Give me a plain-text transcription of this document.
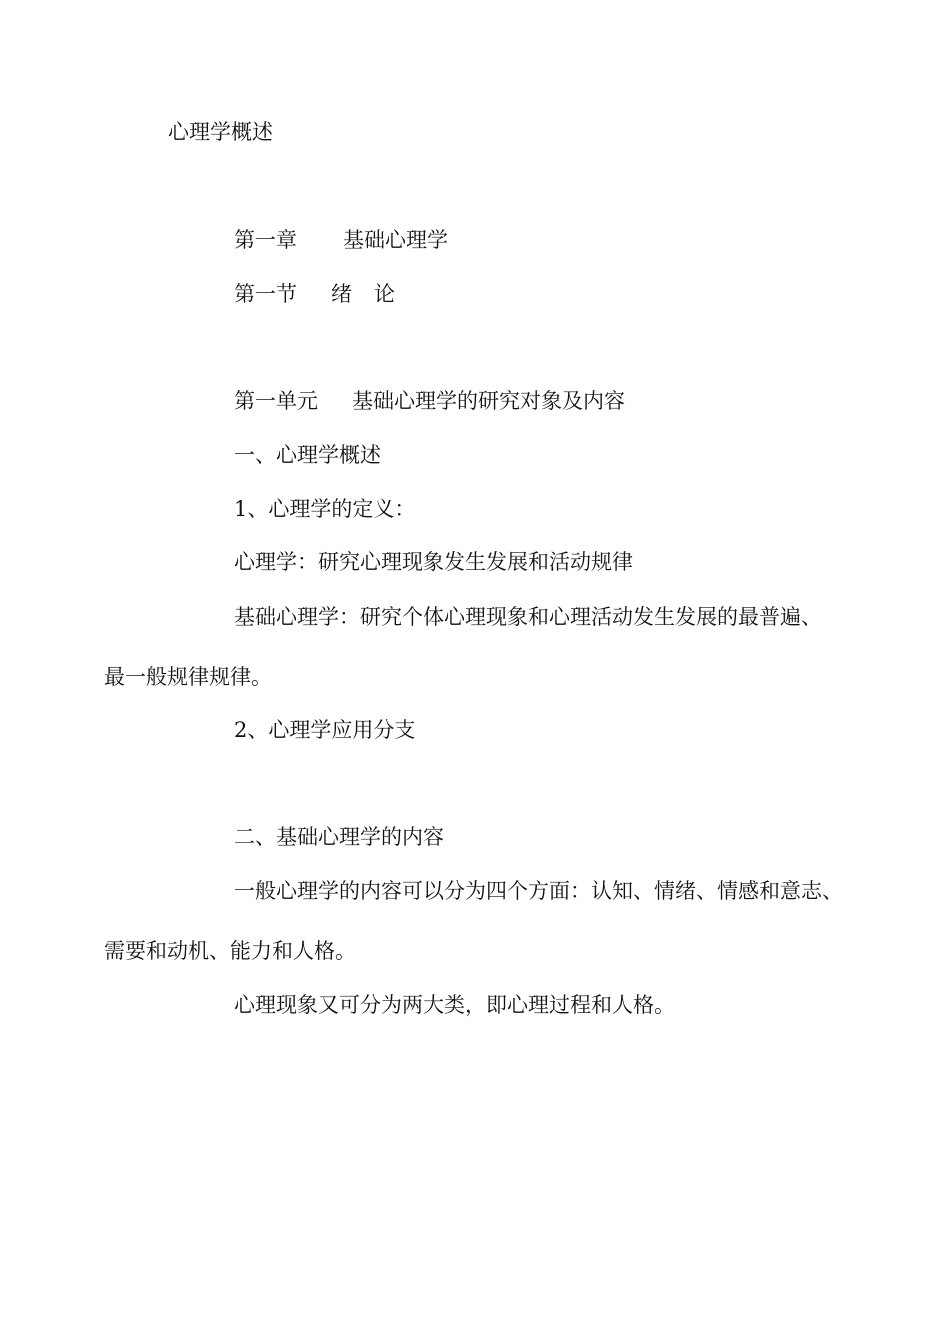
心理学概述

第一章 基础心理学

第一节 绪 论

第一单元 基础心理学的研究对象及内容

一、心理学概述

1、心理学的定义：

心理学：研究心理现象发生发展和活动规律

基础心理学：研究个体心理现象和心理活动发生发展的最普遍、

最一般规律规律。

2、心理学应用分支

二、基础心理学的内容

一般心理学的内容可以分为四个方面：认知、情绪、情感和意志、

需要和动机、能力和人格。

心理现象又可分为两大类，即心理过程和人格。
